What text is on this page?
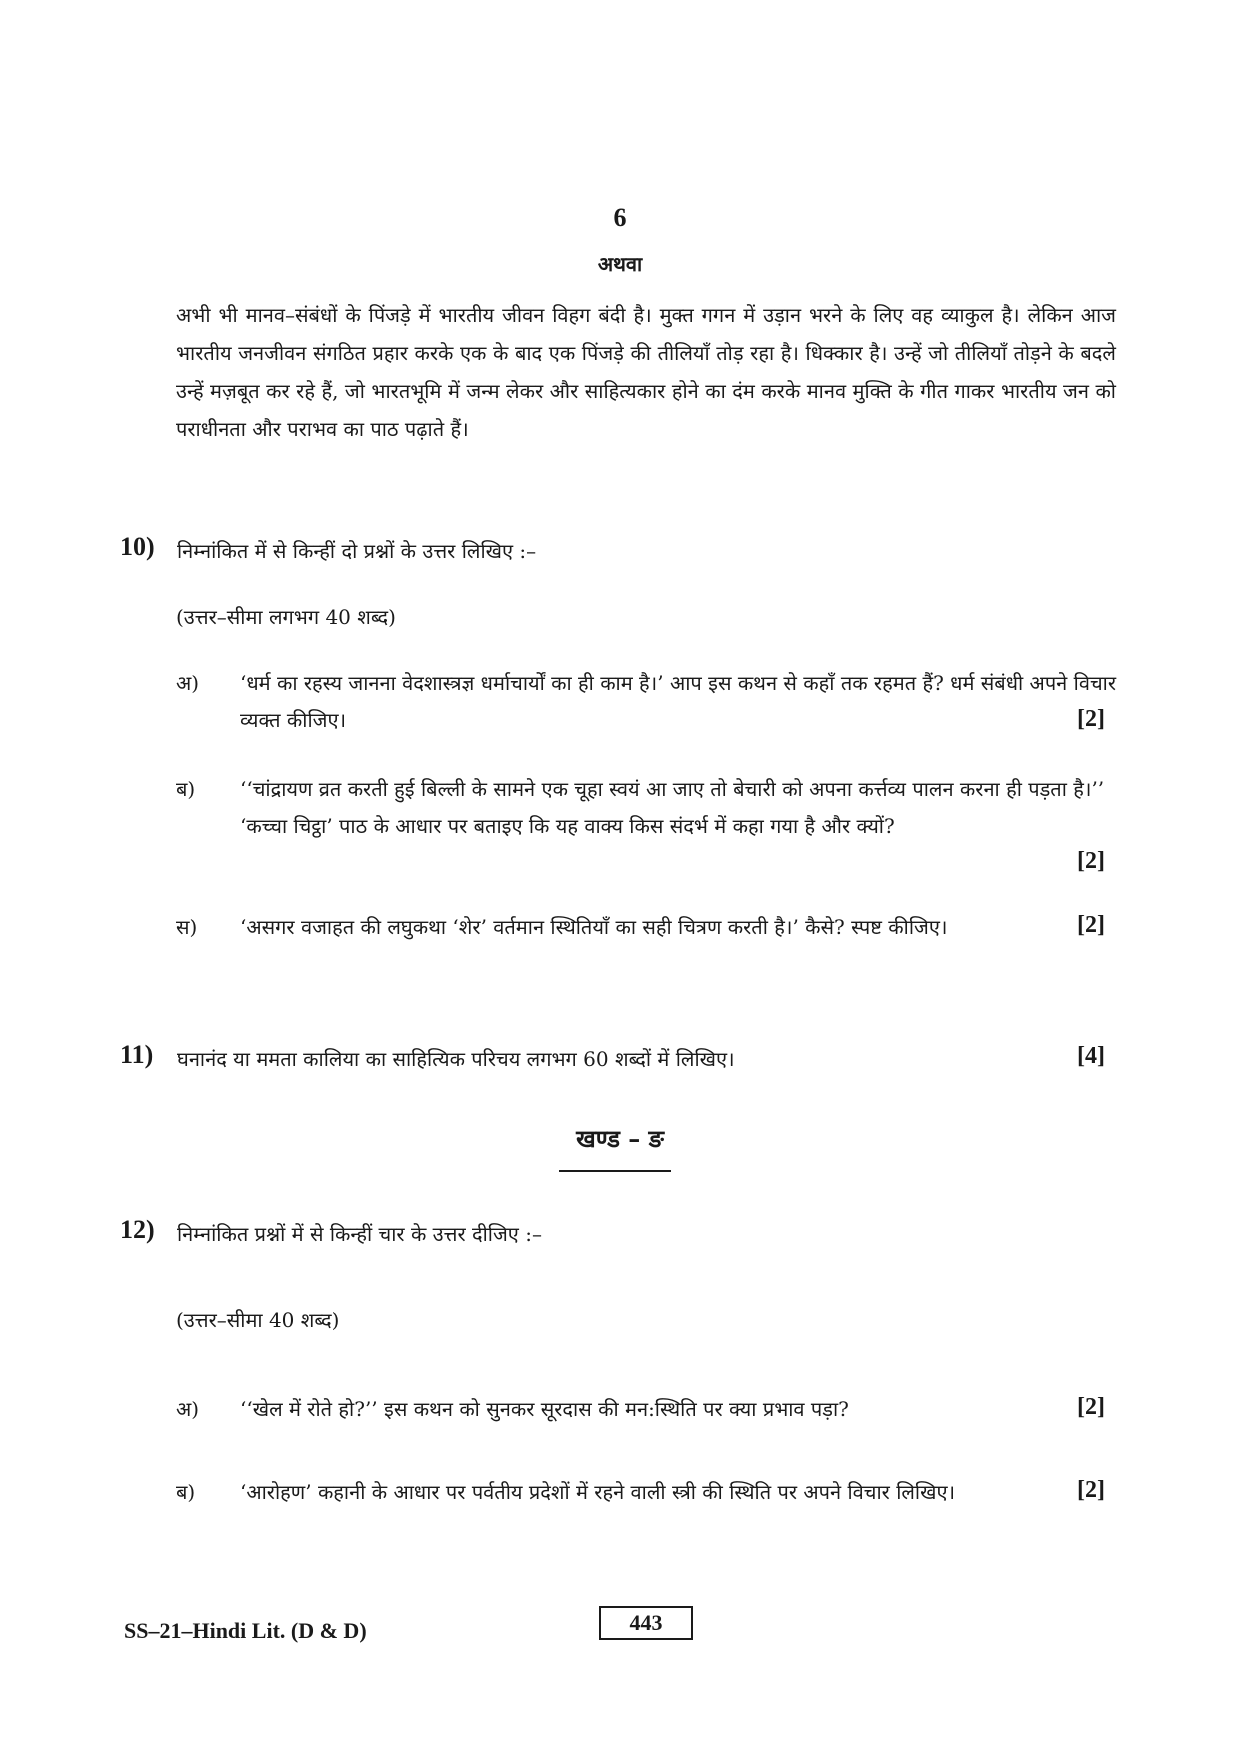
6
अथवा

अभी भी मानव–संबंधों के पिंजड़े में भारतीय जीवन विहग बंदी है। मुक्त गगन में उड़ान भरने के लिए वह व्याकुल है। लेकिन आज भारतीय जनजीवन संगठित प्रहार करके एक के बाद एक पिंजड़े की तीलियाँ तोड़ रहा है। धिक्कार है। उन्हें जो तीलियाँ तोड़ने के बदले उन्हें मज़बूत कर रहे हैं, जो भारतभूमि में जन्म लेकर और साहित्यकार होने का दंम करके मानव मुक्ति के गीत गाकर भारतीय जन को पराधीनता और पराभव का पाठ पढ़ाते हैं।

10) निम्नांकित में से किन्हीं दो प्रश्नों के उत्तर लिखिए :–
(उत्तर–सीमा लगभग 40 शब्द)
अ) ‘धर्म का रहस्य जानना वेदशास्त्रज्ञ धर्माचार्यों का ही काम है।’ आप इस कथन से कहाँ तक रहमत हैं? धर्म संबंधी अपने विचार व्यक्त कीजिए।	[2]
ब) ‘‘चांद्रायण व्रत करती हुई बिल्ली के सामने एक चूहा स्वयं आ जाए तो बेचारी को अपना कर्त्तव्य पालन करना ही पड़ता है।’’ ‘कच्चा चिट्ठा’ पाठ के आधार पर बताइए कि यह वाक्य किस संदर्भ में कहा गया है और क्यों?

[2]
स) ‘असगर वजाहत की लघुकथा ‘शेर’ वर्तमान स्थितियाँ का सही चित्रण करती है।’ कैसे? स्पष्ट कीजिए।	[2]
11) घनानंद या ममता कालिया का साहित्यिक परिचय लगभग 60 शब्दों में लिखिए।	[4]
खण्ड – ङ
12) निम्नांकित प्रश्नों में से किन्हीं चार के उत्तर दीजिए :–
(उत्तर–सीमा 40 शब्द)
अ) ‘‘खेल में रोते हो?’’ इस कथन को सुनकर सूरदास की मन:स्थिति पर क्या प्रभाव पड़ा?	[2]
ब) ‘आरोहण’ कहानी के आधार पर पर्वतीय प्रदेशों में रहने वाली स्त्री की स्थिति पर अपने विचार लिखिए।	[2]
SS–21–Hindi Lit. (D & D)	443
